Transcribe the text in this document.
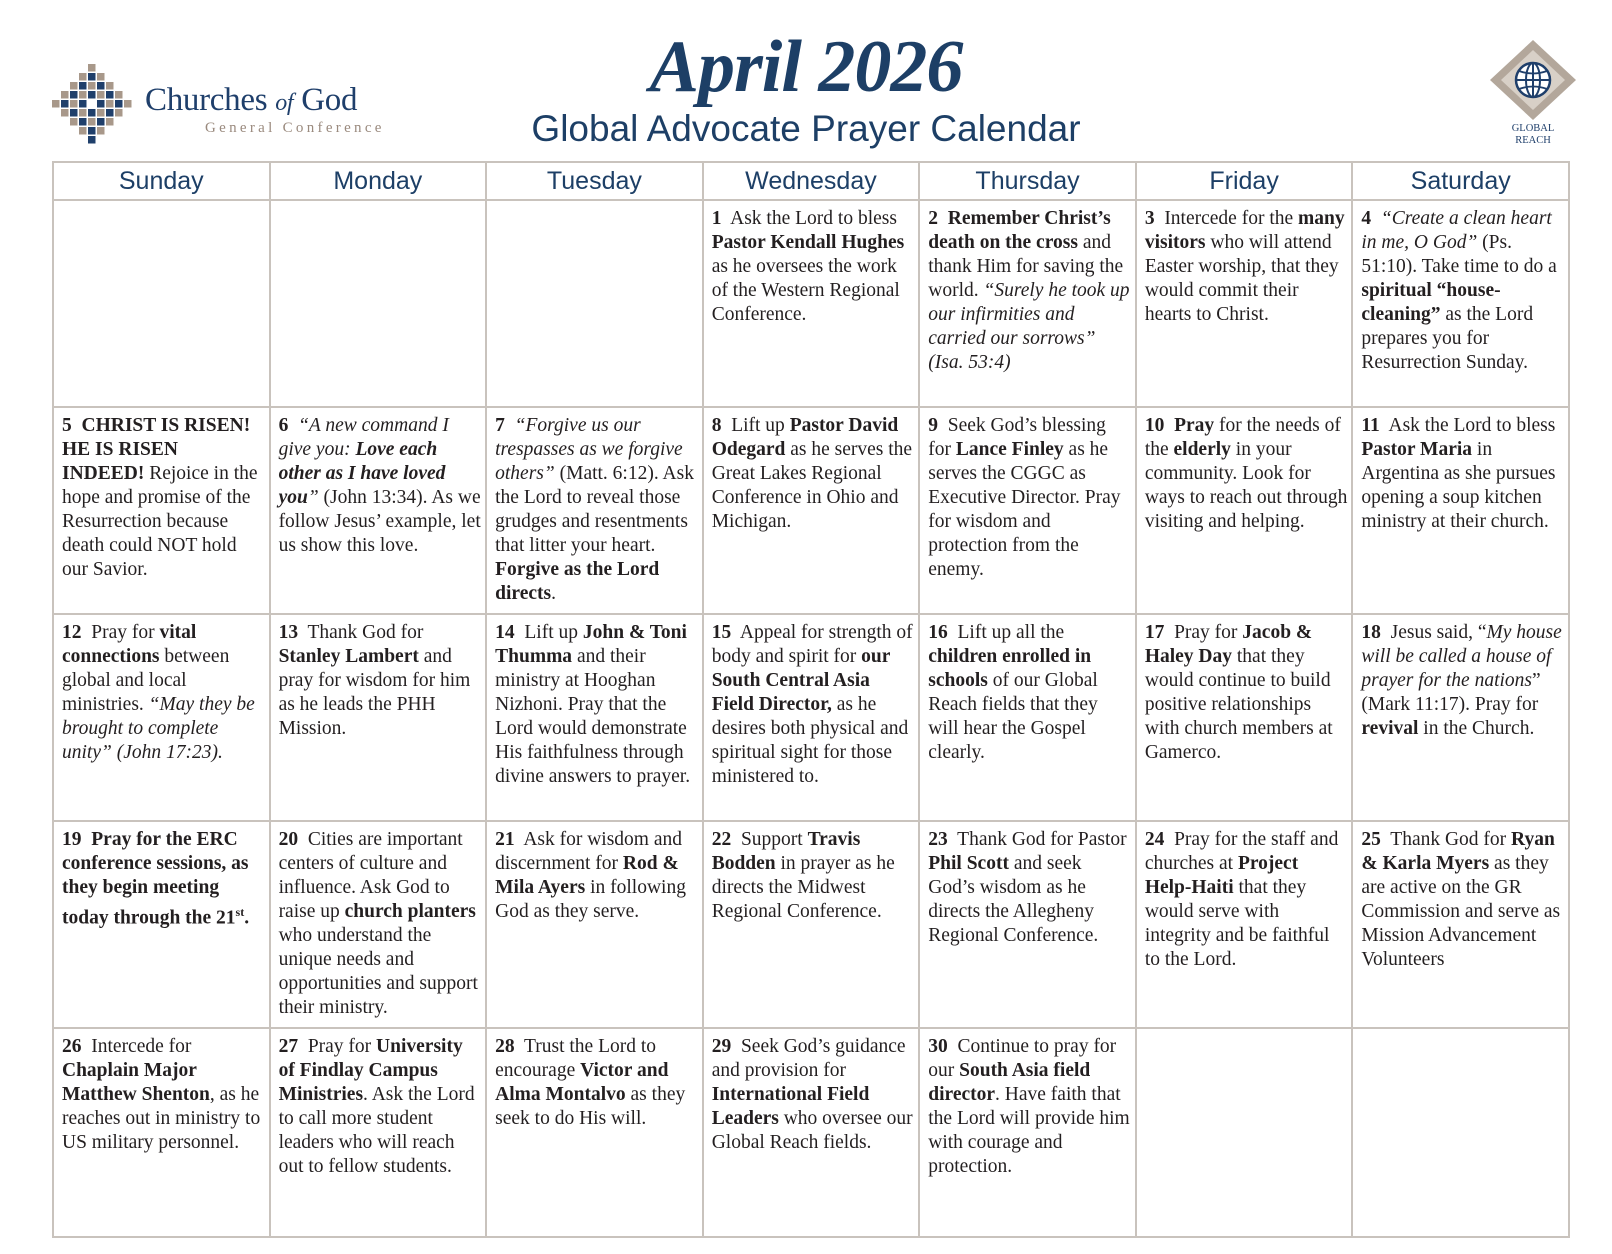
Churches of God
General Conference
April 2026
Global Advocate Prayer Calendar	GLOBAL
REACH
Sunday	Monday	Tuesday	Wednesday	Thursday	Friday	Saturday
			1 Ask the Lord to bless Pastor Kendall Hughes as he oversees the work of the Western Regional Conference.	2 Remember Christ’s death on the cross and thank Him for saving the world. “Surely he took up our infirmities and carried our sorrows” (Isa. 53:4)	3 Intercede for the many visitors who will attend Easter worship, that they would commit their hearts to Christ.	4 “Create a clean heart in me, O God” (Ps. 51:10). Take time to do a spiritual “house-cleaning” as the Lord prepares you for Resurrection Sunday.
5 CHRIST IS RISEN! HE IS RISEN INDEED! Rejoice in the hope and promise of the Resurrection because death could NOT hold our Savior.	6 “A new command I give you: Love each other as I have loved you” (John 13:34). As we follow Jesus’ example, let us show this love.	7 “Forgive us our trespasses as we forgive others” (Matt. 6:12). Ask the Lord to reveal those grudges and resentments that litter your heart. Forgive as the Lord directs.	8 Lift up Pastor David Odegard as he serves the Great Lakes Regional Conference in Ohio and Michigan.	9 Seek God’s blessing for Lance Finley as he serves the CGGC as Executive Director. Pray for wisdom and protection from the enemy.	10 Pray for the needs of the elderly in your community. Look for ways to reach out through visiting and helping.	11 Ask the Lord to bless Pastor Maria in Argentina as she pursues opening a soup kitchen ministry at their church.
12 Pray for vital connections between global and local ministries. “May they be brought to complete unity” (John 17:23).	13 Thank God for Stanley Lambert and pray for wisdom for him as he leads the PHH Mission.	14 Lift up John & Toni Thumma and their ministry at Hooghan Nizhoni. Pray that the Lord would demonstrate His faithfulness through divine answers to prayer.	15 Appeal for strength of body and spirit for our South Central Asia Field Director, as he desires both physical and spiritual sight for those ministered to.	16 Lift up all the children enrolled in schools of our Global Reach fields that they will hear the Gospel clearly.	17 Pray for Jacob & Haley Day that they would continue to build positive relationships with church members at Gamerco.	18 Jesus said, “My house will be called a house of prayer for the nations” (Mark 11:17). Pray for revival in the Church.
19 Pray for the ERC conference sessions, as they begin meeting today through the 21st.	20 Cities are important centers of culture and influence. Ask God to raise up church planters who understand the unique needs and opportunities and support their ministry.	21 Ask for wisdom and discernment for Rod & Mila Ayers in following God as they serve.	22 Support Travis Bodden in prayer as he directs the Midwest Regional Conference.	23 Thank God for Pastor Phil Scott and seek God’s wisdom as he directs the Allegheny Regional Conference.	24 Pray for the staff and churches at Project Help-Haiti that they would serve with integrity and be faithful to the Lord.	25 Thank God for Ryan & Karla Myers as they are active on the GR Commission and serve as Mission Advancement Volunteers
26 Intercede for Chaplain Major Matthew Shenton, as he reaches out in ministry to US military personnel.	27 Pray for University of Findlay Campus Ministries. Ask the Lord to call more student leaders who will reach out to fellow students.	28 Trust the Lord to encourage Victor and Alma Montalvo as they seek to do His will.	29 Seek God’s guidance and provision for International Field Leaders who oversee our Global Reach fields.	30 Continue to pray for our South Asia field director. Have faith that the Lord will provide him with courage and protection.		
